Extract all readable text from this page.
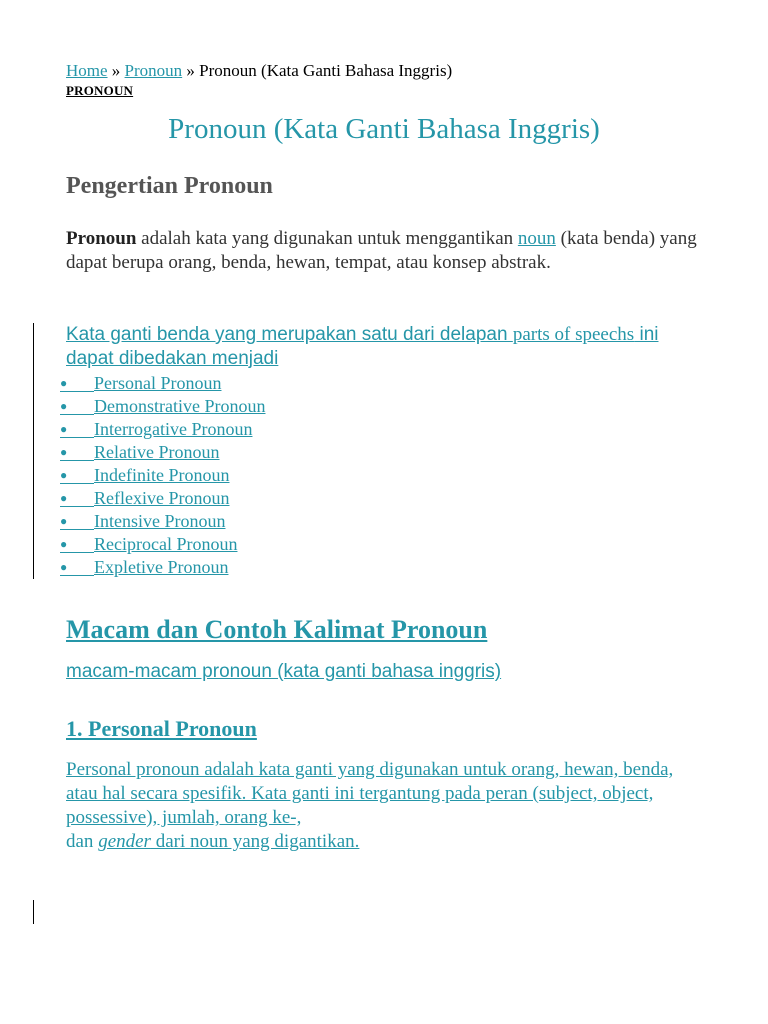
Home » Pronoun » Pronoun (Kata Ganti Bahasa Inggris)
PRONOUN
Pronoun (Kata Ganti Bahasa Inggris)
Pengertian Pronoun

Pronoun adalah kata yang digunakan untuk menggantikan noun (kata benda) yang dapat berupa orang, benda, hewan, tempat, atau konsep abstrak.

Kata ganti benda yang merupakan satu dari delapan parts of speechs ini dapat dibedakan menjadi

● Personal Pronoun
● Demonstrative Pronoun
● Interrogative Pronoun
● Relative Pronoun
● Indefinite Pronoun
● Reflexive Pronoun
● Intensive Pronoun
● Reciprocal Pronoun
● Expletive Pronoun
Macam dan Contoh Kalimat Pronoun

macam-macam pronoun (kata ganti bahasa inggris)

1. Personal Pronoun

Personal pronoun adalah kata ganti yang digunakan untuk orang, hewan, benda, atau hal secara spesifik. Kata ganti ini tergantung pada peran (subject, object, possessive), jumlah, orang ke-,
dan gender dari noun yang digantikan.
